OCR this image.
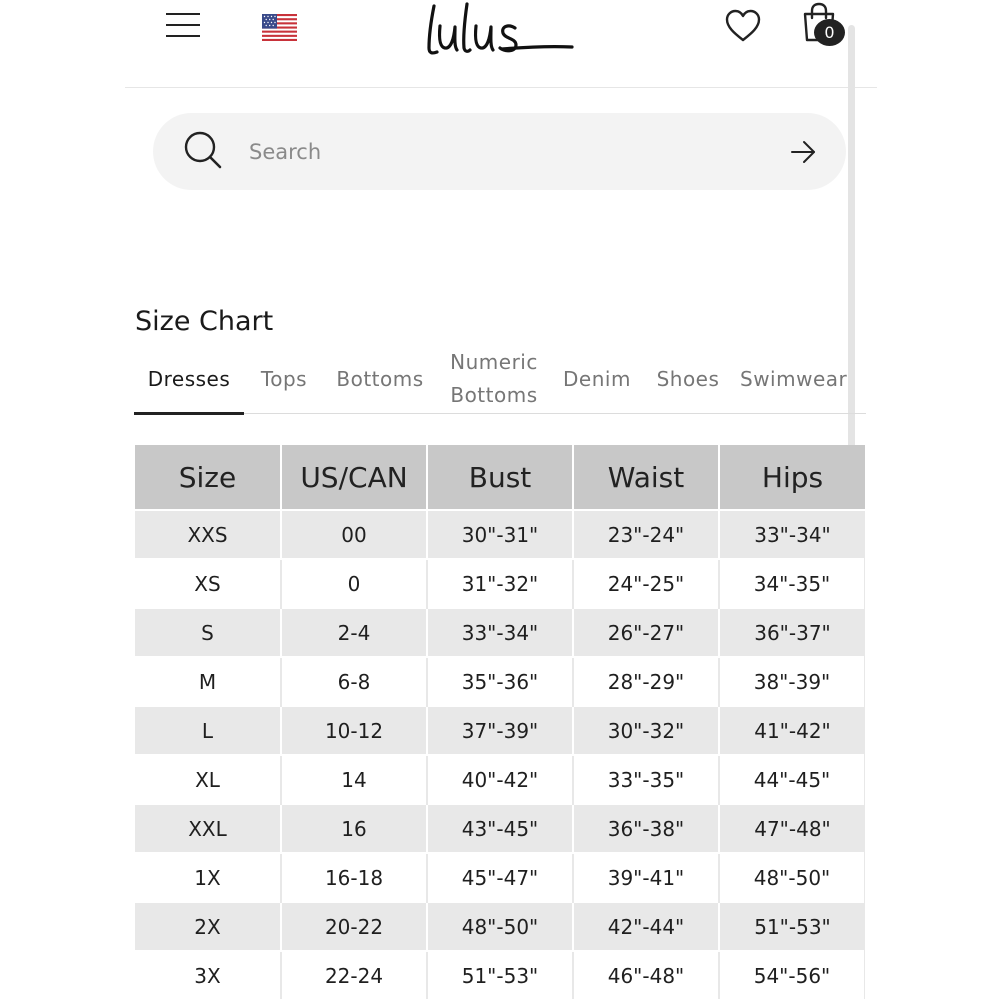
0
Search
Size Chart
Dresses	Tops	Bottoms
Numeric
Bottoms
Denim	Shoes	Swimwear
Size	US/CAN	Bust	Waist	Hips
XXS	00	30"-31"	23"-24"	33"-34"
XS	0	31"-32"	24"-25"	34"-35"
S	2-4	33"-34"	26"-27"	36"-37"
M	6-8	35"-36"	28"-29"	38"-39"
L	10-12	37"-39"	30"-32"	41"-42"
XL	14	40"-42"	33"-35"	44"-45"
XXL	16	43"-45"	36"-38"	47"-48"
1X	16-18	45"-47"	39"-41"	48"-50"
2X	20-22	48"-50"	42"-44"	51"-53"
3X	22-24	51"-53"	46"-48"	54"-56"
